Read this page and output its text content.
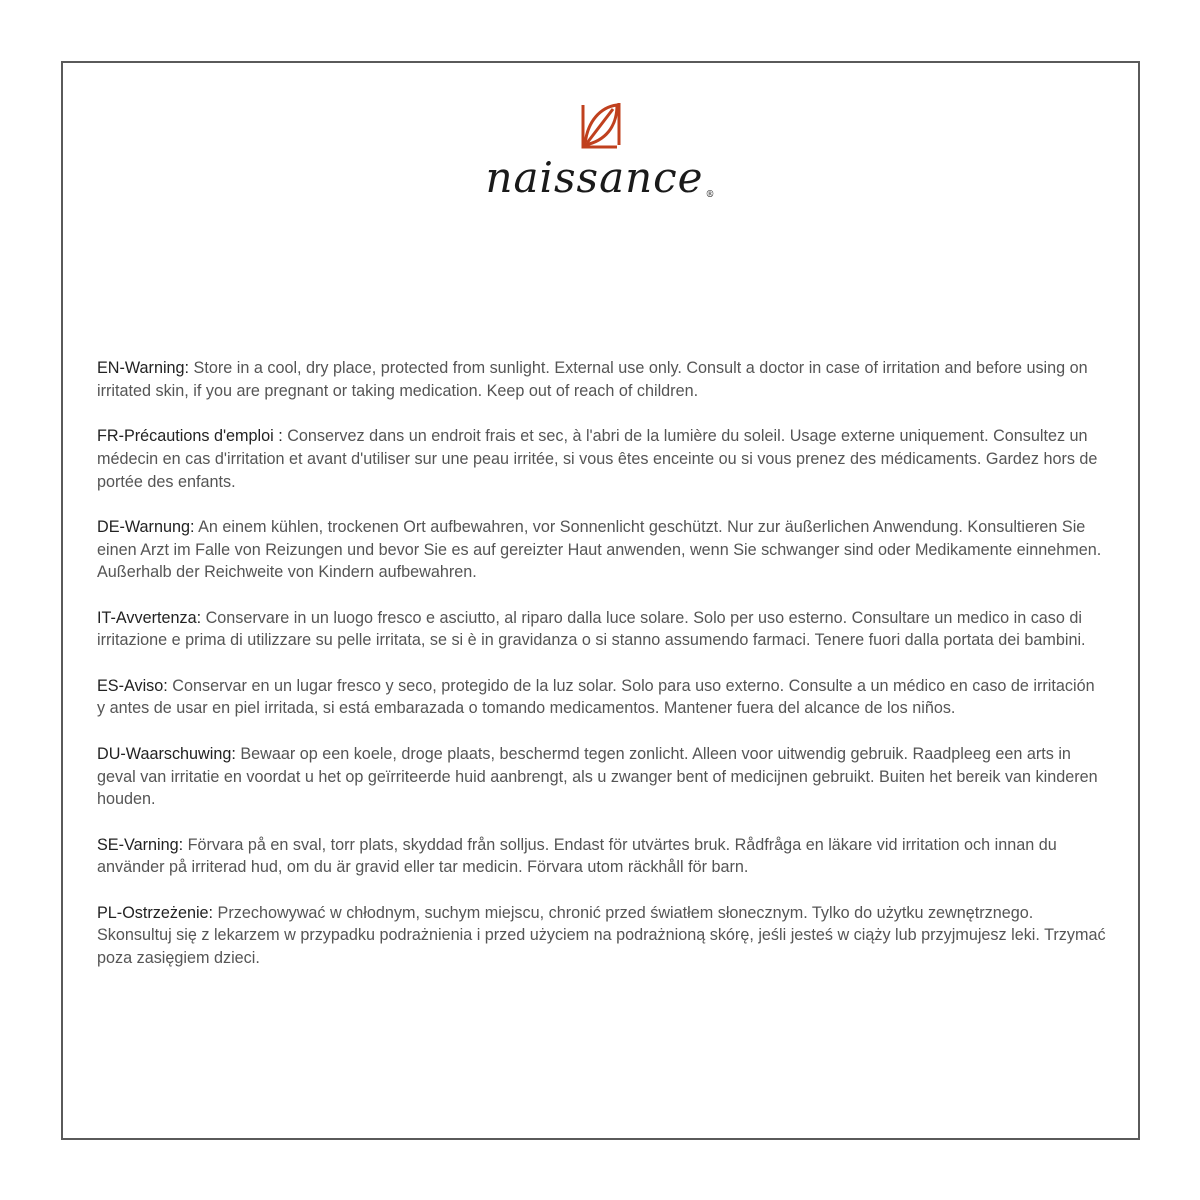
naissance ®

EN-Warning: Store in a cool, dry place, protected from sunlight. External use only. Consult a doctor in case of irritation and before using on irritated skin, if you are pregnant or taking medication. Keep out of reach of children.

FR-Précautions d'emploi : Conservez dans un endroit frais et sec, à l'abri de la lumière du soleil. Usage externe uniquement. Consultez un médecin en cas d'irritation et avant d'utiliser sur une peau irritée, si vous êtes enceinte ou si vous prenez des médicaments. Gardez hors de portée des enfants.

DE-Warnung: An einem kühlen, trockenen Ort aufbewahren, vor Sonnenlicht geschützt. Nur zur äußerlichen Anwendung. Konsultieren Sie einen Arzt im Falle von Reizungen und bevor Sie es auf gereizter Haut anwenden, wenn Sie schwanger sind oder Medikamente einnehmen. Außerhalb der Reichweite von Kindern aufbewahren.

IT-Avvertenza: Conservare in un luogo fresco e asciutto, al riparo dalla luce solare. Solo per uso esterno. Consultare un medico in caso di irritazione e prima di utilizzare su pelle irritata, se si è in gravidanza o si stanno assumendo farmaci. Tenere fuori dalla portata dei bambini.

ES-Aviso: Conservar en un lugar fresco y seco, protegido de la luz solar. Solo para uso externo. Consulte a un médico en caso de irritación y antes de usar en piel irritada, si está embarazada o tomando medicamentos. Mantener fuera del alcance de los niños.

DU-Waarschuwing: Bewaar op een koele, droge plaats, beschermd tegen zonlicht. Alleen voor uitwendig gebruik. Raadpleeg een arts in geval van irritatie en voordat u het op geïrriteerde huid aanbrengt, als u zwanger bent of medicijnen gebruikt. Buiten het bereik van kinderen houden.

SE-Varning: Förvara på en sval, torr plats, skyddad från solljus. Endast för utvärtes bruk. Rådfråga en läkare vid irritation och innan du använder på irriterad hud, om du är gravid eller tar medicin. Förvara utom räckhåll för barn.

PL-Ostrzeżenie: Przechowywać w chłodnym, suchym miejscu, chronić przed światłem słonecznym. Tylko do użytku zewnętrznego. Skonsultuj się z lekarzem w przypadku podrażnienia i przed użyciem na podrażnioną skórę, jeśli jesteś w ciąży lub przyjmujesz leki. Trzymać poza zasięgiem dzieci.
